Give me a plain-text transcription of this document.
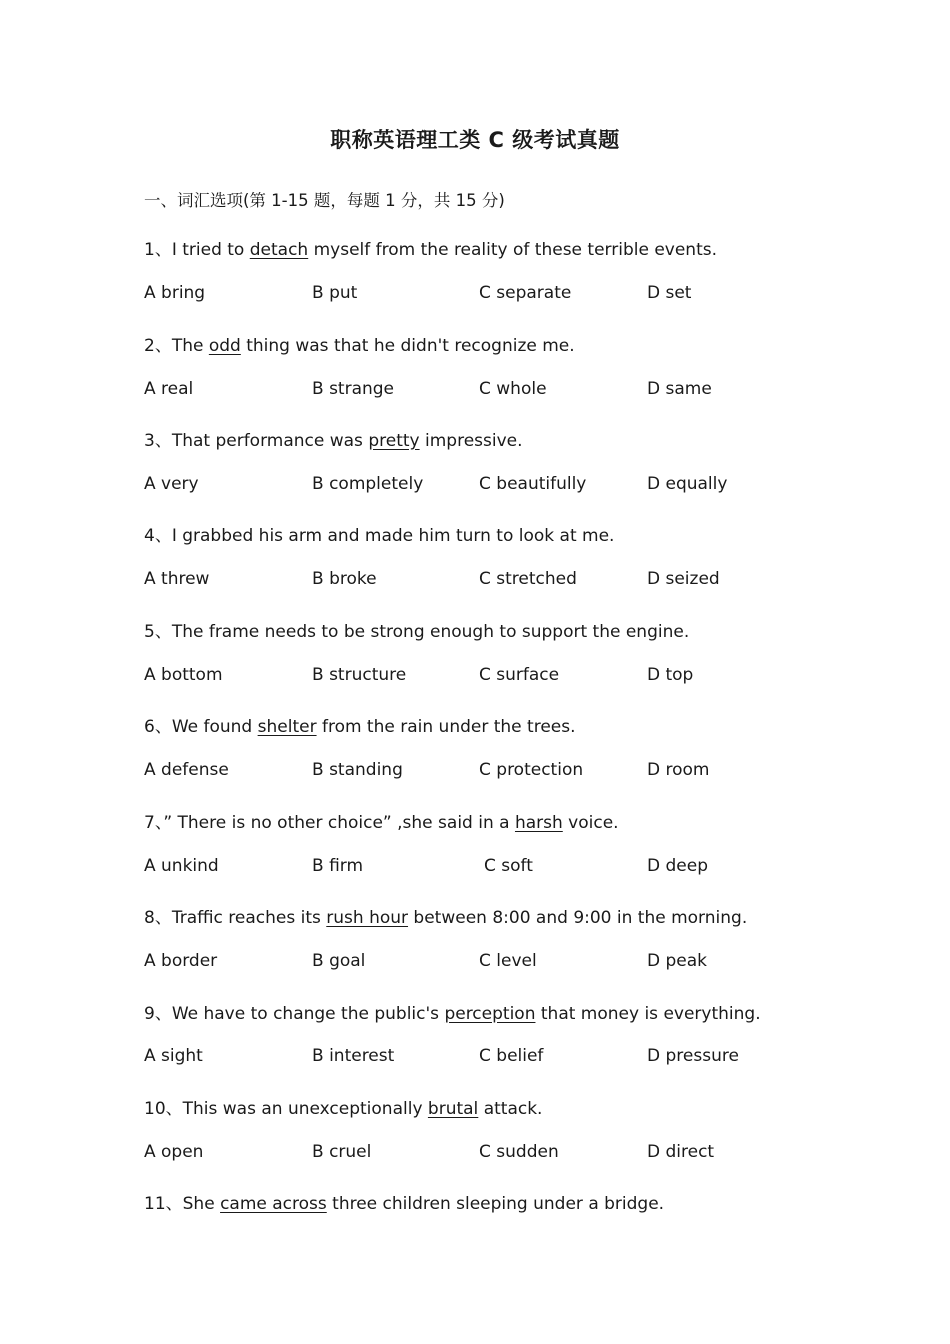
职称英语理工类 C 级考试真题
一、词汇选项(第 1-15 题，每题 1 分，共 15 分)
1、I tried to detach myself from the reality of these terrible events.
A bring	B put	C separate	D set
2、The odd thing was that he didn't recognize me.
A real	B strange	C whole	D same
3、That performance was pretty impressive.
A very	B completely	C beautifully	D equally
4、I grabbed his arm and made him turn to look at me.
A threw	B broke	C stretched	D seized
5、The frame needs to be strong enough to support the engine.
A bottom	B structure	C surface	D top
6、We found shelter from the rain under the trees.
A defense	B standing	C protection	D room
7、” There is no other choice” ,she said in a harsh voice.
A unkind	B firm	C soft	D deep
8、Traffic reaches its rush hour between 8:00 and 9:00 in the morning.
A border	B goal	C level	D peak
9、We have to change the public's perception that money is everything.
A sight	B interest	C belief	D pressure
10、This was an unexceptionally brutal attack.
A open	B cruel	C sudden	D direct
11、She came across three children sleeping under a bridge.
